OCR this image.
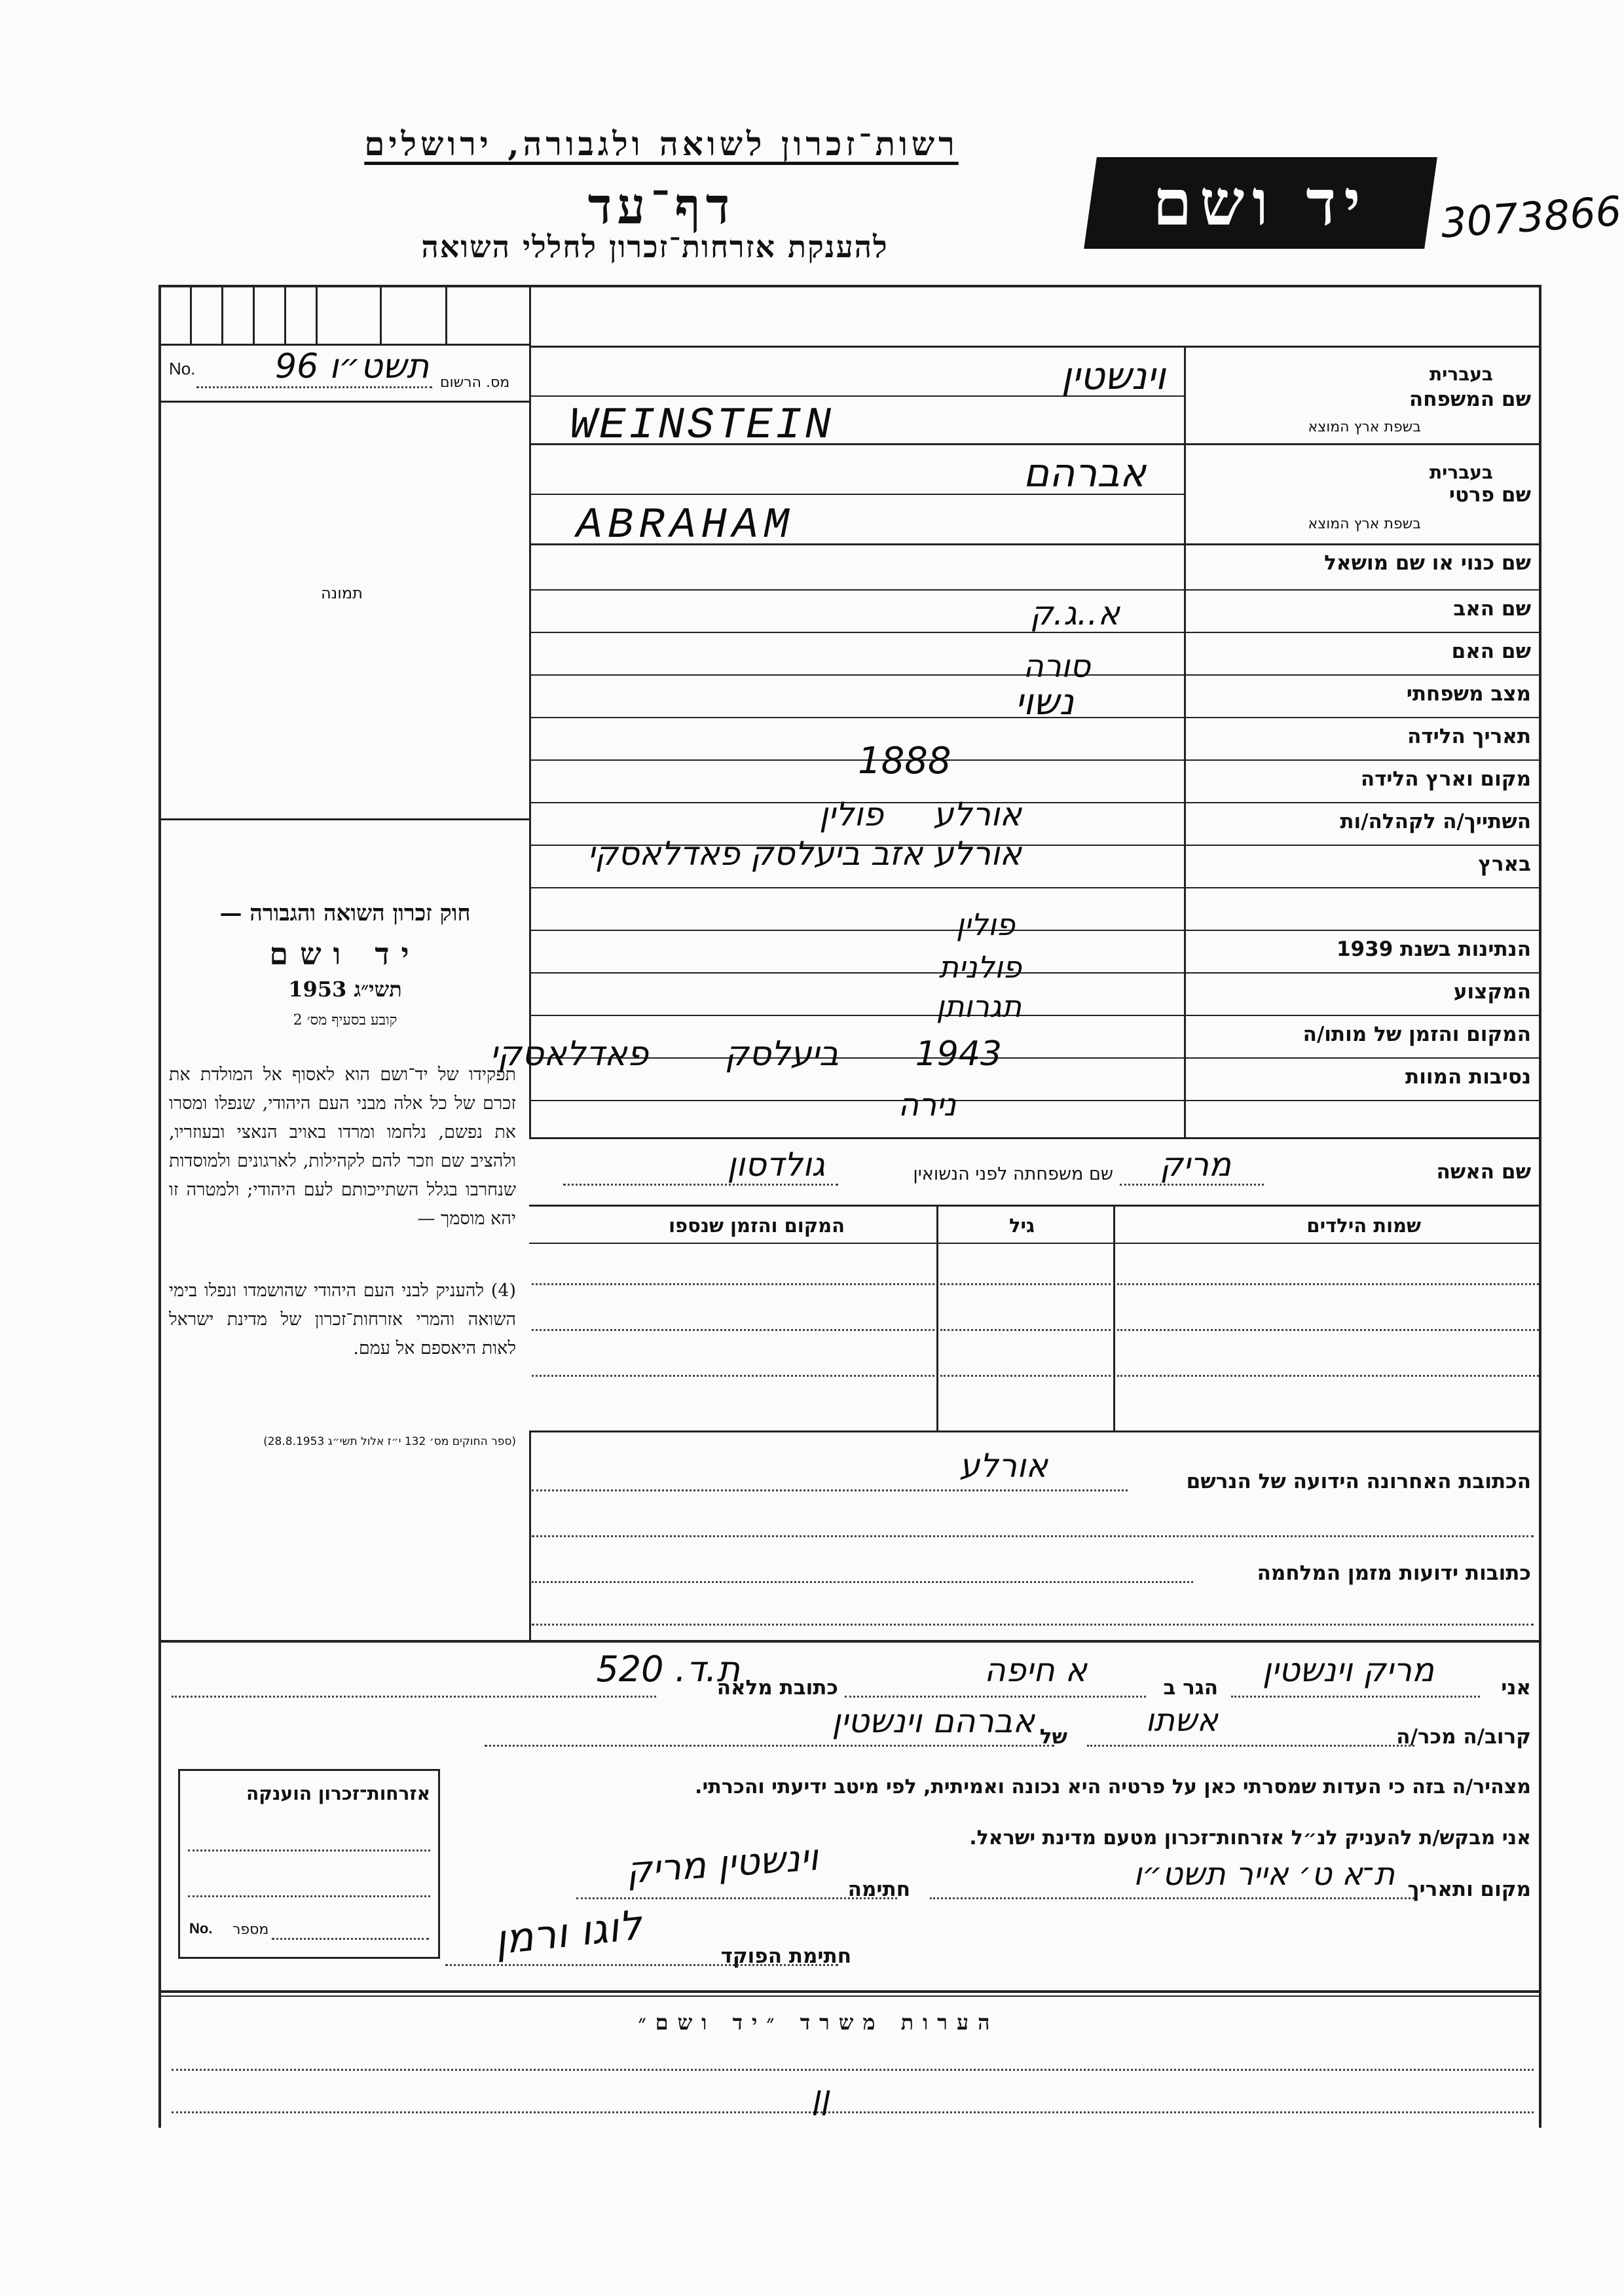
רשות־זכרון לשואה ולגבורה, ירושלים
דף־עד
להענקת אזרחות־זכרון לחללי השואה
יד ושם	3073866
No. תשט״ו 96 מס. הרשום
תמונה
בעברית
שם המשפחה
בשפת ארץ המוצא
בעברית
שם פרטי
בשפת ארץ המוצא
שם כנוי או שם מושאל
שם האב
שם האם
מצב משפחתי
תאריך הלידה
מקום וארץ הלידה
השתייך/ה לקהלה/ות
בארץ
הנתינות בשנת 1939
המקצוע
המקום והזמן של מותו/ה
נסיבות המוות
וינשטין
WEINSTEIN
אברהם
ABRAHAM
א..ג.ק
סורה
נשוי
1888
אורלע פולין
אורלע אזב ביעלסק פאדלאסקי
פולין
פולנית
תגרותן
1943 ביעלסק פאדלאסקי
נירה
חוק זכרון השואה והגבורה —
יד ושם
תשי״ג 1953
קובע בסעיף מס׳ 2
תפקידו של יד־ושם הוא לאסוף אל המולדת את זכרם של כל אלה מבני העם היהודי, שנפלו ומסרו את נפשם, נלחמו ומרדו באויב הנאצי ובעוזריו, ולהציב שם וזכר להם לקהילות, לארגונים ולמוסדות שנחרבו בגלל השתייכותם לעם היהודי; ולמטרה זו יהא מוסמך —
(4) להעניק לבני העם היהודי שהושמדו ונפלו בימי השואה והמרי אזרחות־זכרון של מדינת ישראל לאות היאספם אל עמם.
(ספר החוקים מס׳ 132 י״ז אלול תשי״ג 28.8.1953)
שם האשה
מריק
שם משפחתה לפני הנשואין
גולדסון
שמות הילדים
גיל
המקום והזמן שנספו
הכתובת האחרונה הידועה של הנרשם
אורלע
כתובות ידועות מזמן המלחמה
אני
מריק וינשטין
הגר ב
א חיפה
כתובת מלאה
ת.ד. 520
קרוב/ה מכר/ה
אשתו
של
אברהם וינשטין
מצהיר/ה בזה כי העדות שמסרתי כאן על פרטיה היא נכונה ואמיתית, לפי מיטב ידיעתי והכרתי.
אני מבקש/ת להעניק לנ״ל אזרחות־זכרון מטעם מדינת ישראל.
מקום ותאריך
ת־א ט׳ אייר תשט״ו
חתימה
וינשטין מריק
חתימת הפוקד
לוגו ורמן
אזרחות־זכרון הוענקה
No. מספר
הערות משרד ״יד ושם״
ll
